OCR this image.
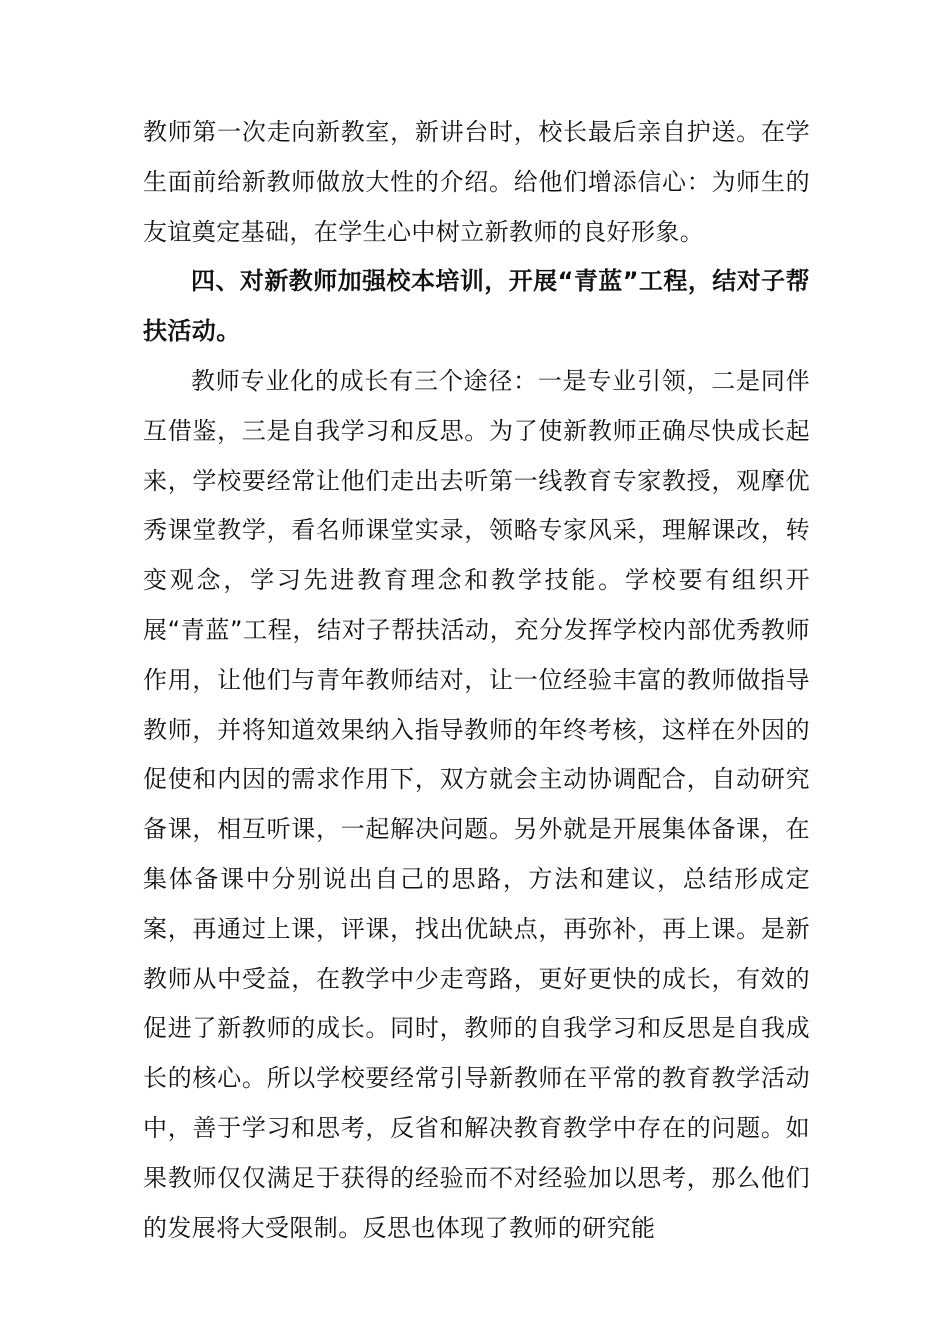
教师第一次走向新教室，新讲台时，校长最后亲自护送。在学生面前给新教师做放大性的介绍。给他们增添信心：为师生的友谊奠定基础，在学生心中树立新教师的良好形象。

四、对新教师加强校本培训，开展“青蓝”工程，结对子帮扶活动。

教师专业化的成长有三个途径：一是专业引领，二是同伴互借鉴，三是自我学习和反思。为了使新教师正确尽快成长起来，学校要经常让他们走出去听第一线教育专家教授，观摩优秀课堂教学，看名师课堂实录，领略专家风采，理解课改，转变观念，学习先进教育理念和教学技能。学校要有组织开展“青蓝”工程，结对子帮扶活动，充分发挥学校内部优秀教师作用，让他们与青年教师结对，让一位经验丰富的教师做指导教师，并将知道效果纳入指导教师的年终考核，这样在外因的促使和内因的需求作用下，双方就会主动协调配合，自动研究备课，相互听课，一起解决问题。另外就是开展集体备课，在集体备课中分别说出自己的思路，方法和建议，总结形成定案，再通过上课，评课，找出优缺点，再弥补，再上课。是新教师从中受益，在教学中少走弯路，更好更快的成长，有效的促进了新教师的成长。同时，教师的自我学习和反思是自我成长的核心。所以学校要经常引导新教师在平常的教育教学活动中，善于学习和思考，反省和解决教育教学中存在的问题。如果教师仅仅满足于获得的经验而不对经验加以思考，那么他们的发展将大受限制。反思也体现了教师的研究能
